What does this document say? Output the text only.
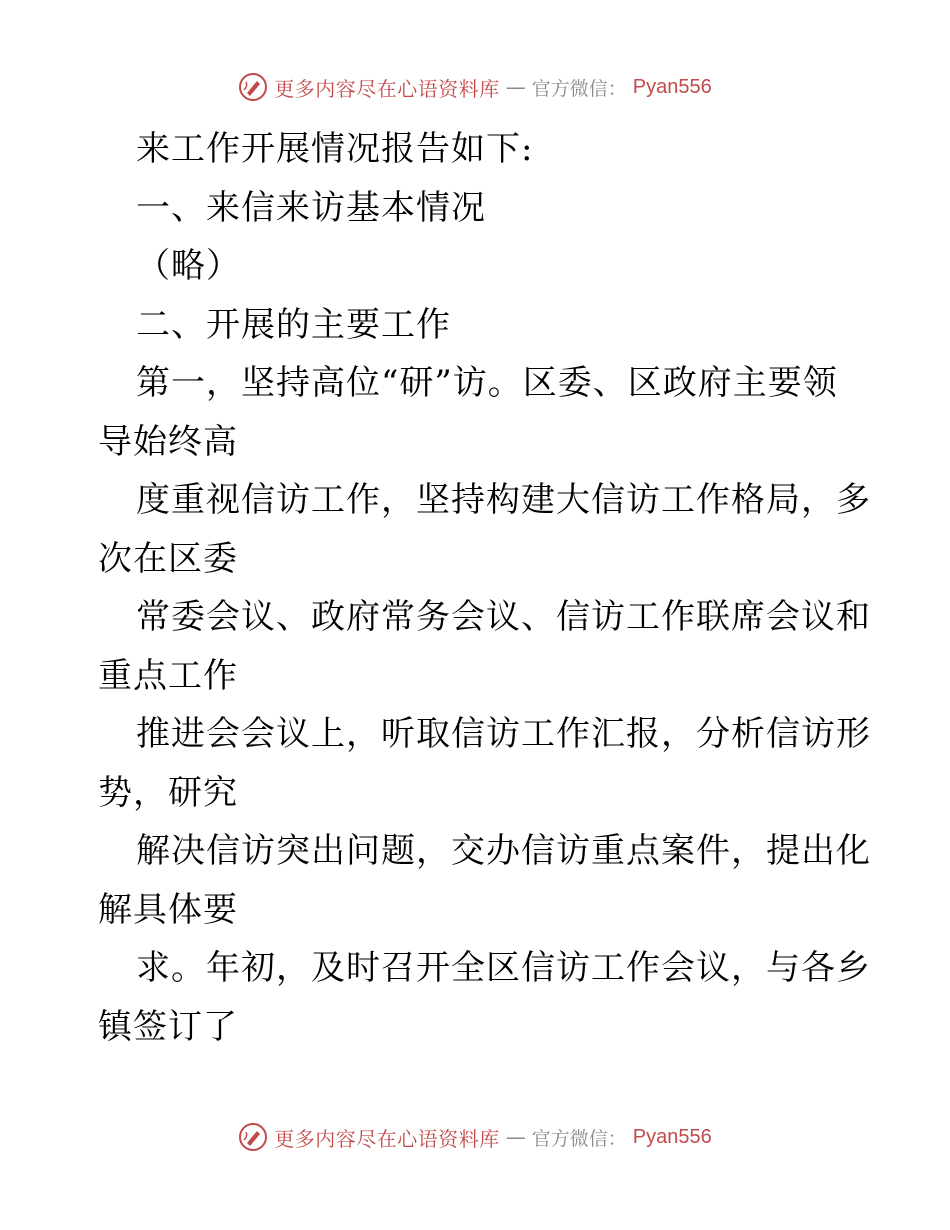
更多内容尽在心语资料库 — 官方微信： Pyan556
来工作开展情况报告如下:
一、来信来访基本情况
（略）
二、开展的主要工作
第一，坚持高位“研”访。区委、区政府主要领
导始终高
度重视信访工作，坚持构建大信访工作格局，多
次在区委
常委会议、政府常务会议、信访工作联席会议和
重点工作
推进会会议上，听取信访工作汇报，分析信访形
势，研究
解决信访突出问题，交办信访重点案件，提出化
解具体要
求。年初，及时召开全区信访工作会议，与各乡
镇签订了
更多内容尽在心语资料库 — 官方微信： Pyan556
